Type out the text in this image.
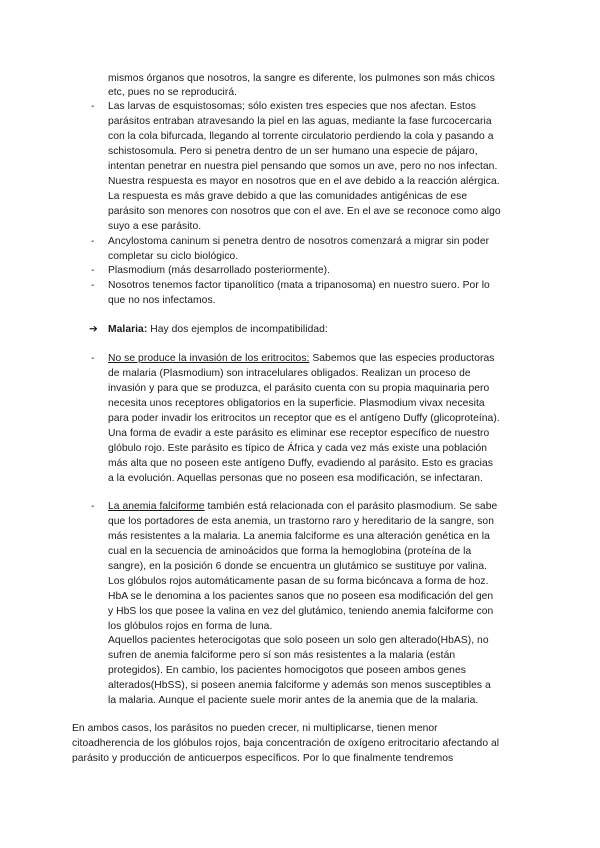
mismos órganos que nosotros, la sangre es diferente, los pulmones son más chicos
etc, pues no se reproducirá.
- Las larvas de esquistosomas; sólo existen tres especies que nos afectan. Estos
parásitos entraban atravesando la piel en las aguas, mediante la fase furcocercaria
con la cola bifurcada, llegando al torrente circulatorio perdiendo la cola y pasando a
schistosomula. Pero si penetra dentro de un ser humano una especie de pájaro,
intentan penetrar en nuestra piel pensando que somos un ave, pero no nos infectan.
Nuestra respuesta es mayor en nosotros que en el ave debido a la reacción alérgica.
La respuesta es más grave debido a que las comunidades antigénicas de ese
parásito son menores con nosotros que con el ave. En el ave se reconoce como algo
suyo a ese parásito.
- Ancylostoma caninum si penetra dentro de nosotros comenzará a migrar sin poder
completar su ciclo biológico.
- Plasmodium (más desarrollado posteriormente).
- Nosotros tenemos factor tipanolítico (mata a tripanosoma) en nuestro suero. Por lo
que no nos infectamos.
➔ Malaria: Hay dos ejemplos de incompatibilidad:
- No se produce la invasión de los eritrocitos: Sabemos que las especies productoras
de malaria (Plasmodium) son intracelulares obligados. Realizan un proceso de
invasión y para que se produzca, el parásito cuenta con su propia maquinaria pero
necesita unos receptores obligatorios en la superficie. Plasmodium vivax necesita
para poder invadir los eritrocitos un receptor que es el antígeno Duffy (glicoproteína).
Una forma de evadir a este parásito es eliminar ese receptor específico de nuestro
glóbulo rojo. Este parásito es típico de África y cada vez más existe una población
más alta que no poseen este antígeno Duffy, evadiendo al parásito. Esto es gracias
a la evolución. Aquellas personas que no poseen esa modificación, se infectaran.
- La anemia falciforme también está relacionada con el parásito plasmodium. Se sabe
que los portadores de esta anemia, un trastorno raro y hereditario de la sangre, son
más resistentes a la malaria. La anemia falciforme es una alteración genética en la
cual en la secuencia de aminoácidos que forma la hemoglobina (proteína de la
sangre), en la posición 6 donde se encuentra un glutámico se sustituye por valina.
Los glóbulos rojos automáticamente pasan de su forma bicóncava a forma de hoz.
HbA se le denomina a los pacientes sanos que no poseen esa modificación del gen
y HbS los que posee la valina en vez del glutámico, teniendo anemia falciforme con
los glóbulos rojos en forma de luna.
Aquellos pacientes heterocigotas que solo poseen un solo gen alterado(HbAS), no
sufren de anemia falciforme pero sí son más resistentes a la malaria (están
protegidos). En cambio, los pacientes homocigotos que poseen ambos genes
alterados(HbSS), si poseen anemia falciforme y además son menos susceptibles a
la malaria. Aunque el paciente suele morir antes de la anemia que de la malaria.
En ambos casos, los parásitos no pueden crecer, ni multiplicarse, tienen menor
citoadherencia de los glóbulos rojos, baja concentración de oxígeno eritrocitario afectando al
parásito y producción de anticuerpos específicos. Por lo que finalmente tendremos
